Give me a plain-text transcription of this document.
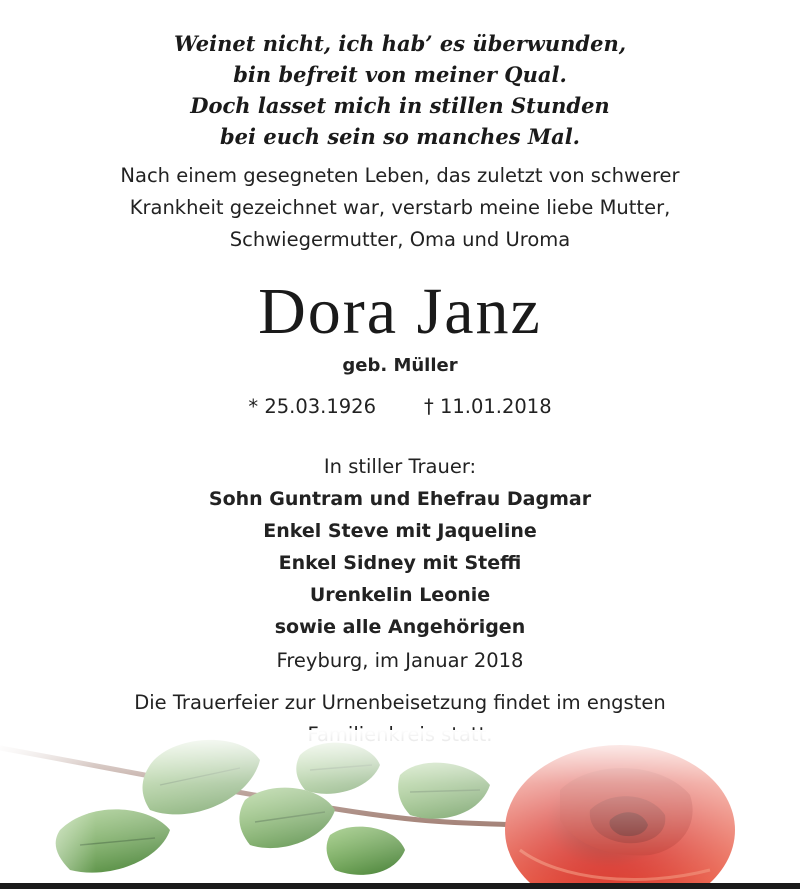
Weinet nicht, ich hab’ es überwunden,
bin befreit von meiner Qual.
Doch lasset mich in stillen Stunden
bei euch sein so manches Mal.
Nach einem gesegneten Leben, das zuletzt von schwerer
Krankheit gezeichnet war, verstarb meine liebe Mutter,
Schwiegermutter, Oma und Uroma
Dora Janz
geb. Müller
* 25.03.1926 † 11.01.2018
In stiller Trauer:
Sohn Guntram und Ehefrau Dagmar
Enkel Steve mit Jaqueline
Enkel Sidney mit Steffi
Urenkelin Leonie
sowie alle Angehörigen
Freyburg, im Januar 2018
Die Trauerfeier zur Urnenbeisetzung findet im engsten
